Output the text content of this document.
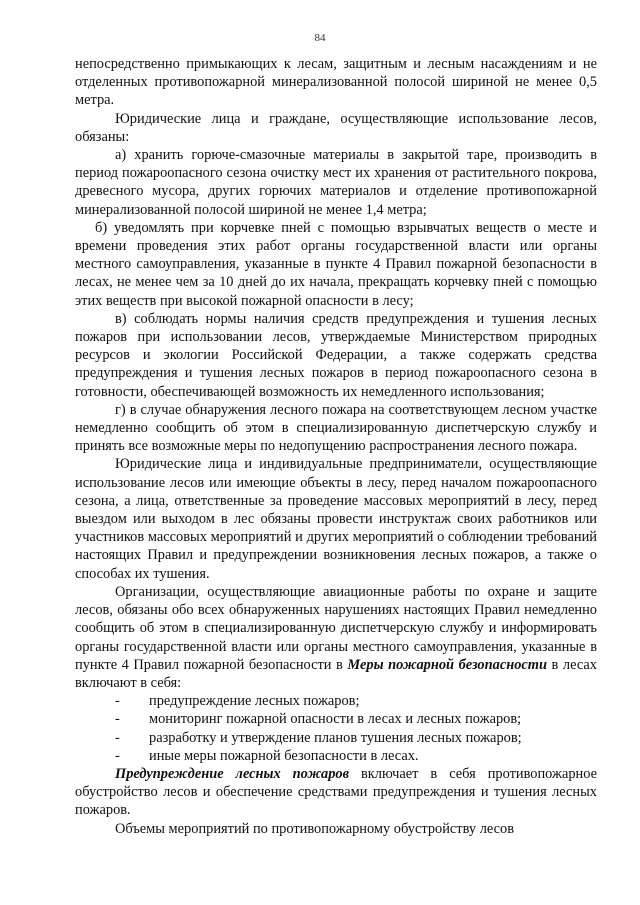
84

непосредственно примыкающих к лесам, защитным и лесным насаждениям и не отделенных противопожарной минерализованной полосой шириной не менее 0,5 метра.

Юридические лица и граждане, осуществляющие использование лесов, обязаны:

а) хранить горюче-смазочные материалы в закрытой таре, производить в период пожароопасного сезона очистку мест их хранения от растительного покрова, древесного мусора, других горючих материалов и отделение противопожарной минерализованной полосой шириной не менее 1,4 метра;

б) уведомлять при корчевке пней с помощью взрывчатых веществ о месте и времени проведения этих работ органы государственной власти или органы местного самоуправления, указанные в пункте 4 Правил пожарной безопасности в лесах, не менее чем за 10 дней до их начала, прекращать корчевку пней с помощью этих веществ при высокой пожарной опасности в лесу;

в) соблюдать нормы наличия средств предупреждения и тушения лесных пожаров при использовании лесов, утверждаемые Министерством природных ресурсов и экологии Российской Федерации, а также содержать средства предупреждения и тушения лесных пожаров в период пожароопасного сезона в готовности, обеспечивающей возможность их немедленного использования;

г) в случае обнаружения лесного пожара на соответствующем лесном участке немедленно сообщить об этом в специализированную диспетчерскую службу и принять все возможные меры по недопущению распространения лесного пожара.

Юридические лица и индивидуальные предприниматели, осуществляющие использование лесов или имеющие объекты в лесу, перед началом пожароопасного сезона, а лица, ответственные за проведение массовых мероприятий в лесу, перед выездом или выходом в лес обязаны провести инструктаж своих работников или участников массовых мероприятий и других мероприятий о соблюдении требований настоящих Правил и предупреждении возникновения лесных пожаров, а также о способах их тушения.

Организации, осуществляющие авиационные работы по охране и защите лесов, обязаны обо всех обнаруженных нарушениях настоящих Правил немедленно сообщить об этом в специализированную диспетчерскую службу и информировать органы государственной власти или органы местного самоуправления, указанные в пункте 4 Правил пожарной безопасности в Меры пожарной безопасности в лесах включают в себя:

- предупреждение лесных пожаров;
- мониторинг пожарной опасности в лесах и лесных пожаров;
- разработку и утверждение планов тушения лесных пожаров;
- иные меры пожарной безопасности в лесах.

Предупреждение лесных пожаров включает в себя противопожарное обустройство лесов и обеспечение средствами предупреждения и тушения лесных пожаров.

Объемы мероприятий по противопожарному обустройству лесов
